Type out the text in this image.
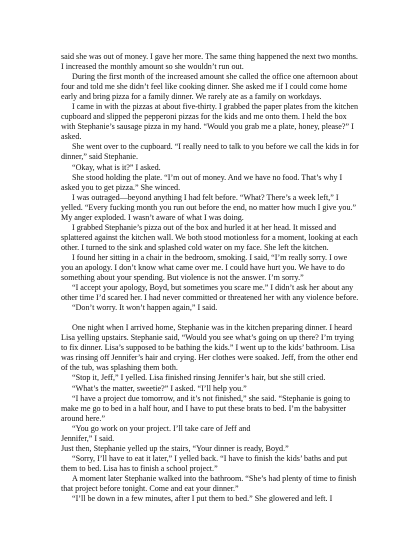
said she was out of money. I gave her more. The same thing happened the next two months. I increased the monthly amount so she wouldn’t run out.

During the first month of the increased amount she called the office one afternoon about four and told me she didn’t feel like cooking dinner. She asked me if I could come home early and bring pizza for a family dinner. We rarely ate as a family on workdays.

I came in with the pizzas at about five-thirty. I grabbed the paper plates from the kitchen cupboard and slipped the pepperoni pizzas for the kids and me onto them. I held the box with Stephanie’s sausage pizza in my hand. “Would you grab me a plate, honey, please?” I asked.

She went over to the cupboard. “I really need to talk to you before we call the kids in for dinner,” said Stephanie.

“Okay, what is it?” I asked.

She stood holding the plate. “I’m out of money. And we have no food. That’s why I asked you to get pizza.” She winced.

I was outraged—beyond anything I had felt before. “What? There’s a week left,” I yelled. “Every fucking month you run out before the end, no matter how much I give you.” My anger exploded. I wasn’t aware of what I was doing.

I grabbed Stephanie’s pizza out of the box and hurled it at her head. It missed and splattered against the kitchen wall. We both stood motionless for a moment, looking at each other. I turned to the sink and splashed cold water on my face. She left the kitchen.

I found her sitting in a chair in the bedroom, smoking. I said, “I’m really sorry. I owe you an apology. I don’t know what came over me. I could have hurt you. We have to do something about your spending. But violence is not the answer. I’m sorry.”

“I accept your apology, Boyd, but sometimes you scare me.” I didn’t ask her about any other time I’d scared her. I had never committed or threatened her with any violence before.

“Don’t worry. It won’t happen again,” I said.

One night when I arrived home, Stephanie was in the kitchen preparing dinner. I heard Lisa yelling upstairs. Stephanie said, “Would you see what’s going on up there? I’m trying to fix dinner. Lisa’s supposed to be bathing the kids.” I went up to the kids’ bathroom. Lisa was rinsing off Jennifer’s hair and crying. Her clothes were soaked. Jeff, from the other end of the tub, was splashing them both.

“Stop it, Jeff,” I yelled. Lisa finished rinsing Jennifer’s hair, but she still cried.

“What’s the matter, sweetie?” I asked. “I’ll help you.”

“I have a project due tomorrow, and it’s not finished,” she said. “Stephanie is going to make me go to bed in a half hour, and I have to put these brats to bed. I’m the babysitter around here.”

“You go work on your project. I’ll take care of Jeff and

Jennifer,” I said.

Just then, Stephanie yelled up the stairs, “Your dinner is ready, Boyd.”

“Sorry, I’ll have to eat it later,” I yelled back. “I have to finish the kids’ baths and put them to bed. Lisa has to finish a school project.”

A moment later Stephanie walked into the bathroom. “She’s had plenty of time to finish that project before tonight. Come and eat your dinner.”

“I’ll be down in a few minutes, after I put them to bed.” She glowered and left. I
